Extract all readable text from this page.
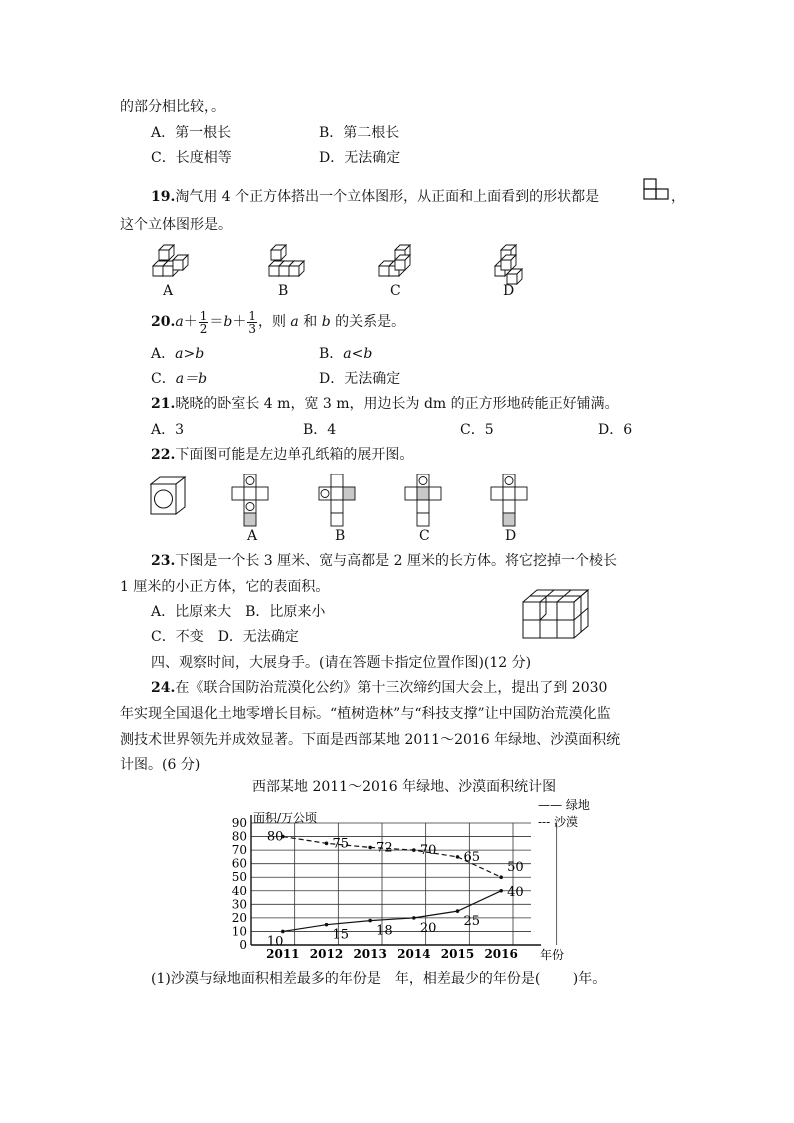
的部分相比较，。
A．第一根长	B．第二根长
C．长度相等	D．无法确定
19.淘气用 4 个正方体搭出一个立体图形，从正面和上面看到的形状都是	，
这个立体图形是。
A	B	C	D
$20.a+ \frac{1}{2} =b+ \frac{1}{3}$ ，则 a 和 b 的关系是。
A．a>b	B．a<b
C．a＝b	D．无法确定
21.晓晓的卧室长 4 m，宽 3 m，用边长为 dm 的正方形地砖能正好铺满。
A．3	B．4	C．5	D．6
22.下面图可能是左边单孔纸箱的展开图。
A	B	C	D
23.下图是一个长 3 厘米、宽与高都是 2 厘米的长方体。将它挖掉一个棱长
1 厘米的小正方体，它的表面积。
A．比原来大　B．比原来小
C．不变　D．无法确定
四、观察时间，大展身手。(请在答题卡指定位置作图)(12 分)
24.在《联合国防治荒漠化公约》第十三次缔约国大会上，提出了到 2030
年实现全国退化土地零增长目标。“植树造林”与“科技支撑”让中国防治荒漠化监
测技术世界领先并成效显著。下面是西部某地 2011～2016 年绿地、沙漠面积统
计图。(6 分)
西部某地 2011～2016 年绿地、沙漠面积统计图
0
10
20
30
40
50
60
70
80
90
2011 2012 2013 2014 2015 2016
10	15 18 20 25
40
80	75 72 70 65
50
面积/万公顷
年份
—— 绿地
--- 沙漠
(1)沙漠与绿地面积相差最多的年份是　年，相差最少的年份是(　　 )年。
